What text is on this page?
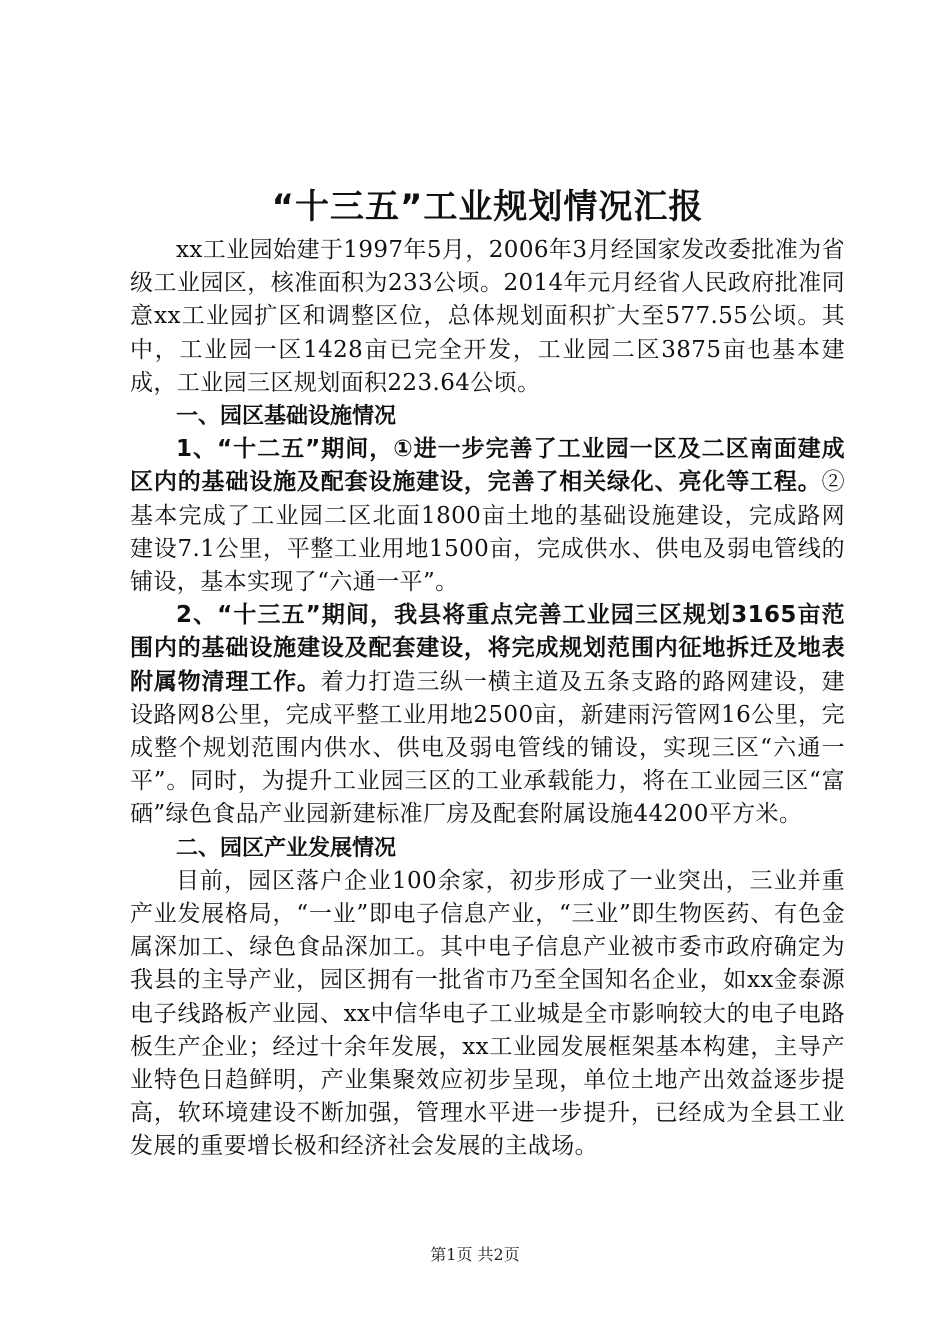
“十三五”工业规划情况汇报

xx工业园始建于1997年5月，2006年3月经国家发改委批准为省级工业园区，核准面积为233公顷。2014年元月经省人民政府批准同意xx工业园扩区和调整区位，总体规划面积扩大至577.55公顷。其中，工业园一区1428亩已完全开发，工业园二区3875亩也基本建成，工业园三区规划面积223.64公顷。

一、园区基础设施情况

1、“十二五”期间，①进一步完善了工业园一区及二区南面建成区内的基础设施及配套设施建设，完善了相关绿化、亮化等工程。②基本完成了工业园二区北面1800亩土地的基础设施建设，完成路网建设7.1公里，平整工业用地1500亩，完成供水、供电及弱电管线的铺设，基本实现了“六通一平”。

2、“十三五”期间，我县将重点完善工业园三区规划3165亩范围内的基础设施建设及配套建设，将完成规划范围内征地拆迁及地表附属物清理工作。着力打造三纵一横主道及五条支路的路网建设，建设路网8公里，完成平整工业用地2500亩，新建雨污管网16公里，完成整个规划范围内供水、供电及弱电管线的铺设，实现三区“六通一平”。同时，为提升工业园三区的工业承载能力，将在工业园三区“富硒”绿色食品产业园新建标准厂房及配套附属设施44200平方米。

二、园区产业发展情况

目前，园区落户企业100余家，初步形成了一业突出，三业并重产业发展格局，“一业”即电子信息产业，“三业”即生物医药、有色金属深加工、绿色食品深加工。其中电子信息产业被市委市政府确定为我县的主导产业，园区拥有一批省市乃至全国知名企业，如xx金泰源电子线路板产业园、xx中信华电子工业城是全市影响较大的电子电路板生产企业；经过十余年发展，xx工业园发展框架基本构建，主导产业特色日趋鲜明，产业集聚效应初步呈现，单位土地产出效益逐步提高，软环境建设不断加强，管理水平进一步提升，已经成为全县工业发展的重要增长极和经济社会发展的主战场。

第1页 共2页
